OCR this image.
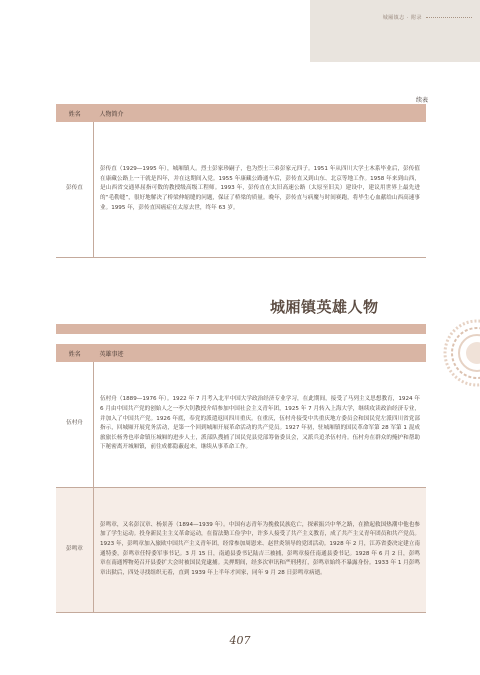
城厢镇志 · 附录
续表
姓名	人物简介
彭传直	彭传直（1929—1995 年），城厢镇人。烈士彭家珍嗣子，也为烈士三弟彭家元四子。1951 年从四川大学土木系毕业后，彭传值在康藏公路上一干就是四年，并在这期间入党。1955 年康藏公路通车后，彭传直又到山东、北京等地工作。1958 年来到山西，是山西省交通界屈指可数的教授级高级工程师。1993 年，彭传直在太旧高速公路（太原至旧关）建设中，建议用世界上最先进的“毛勒缝”，很好地解决了桥梁伸缩缝的问题，保证了桥梁的质量。晚年，彭传直与病魔与时间赛跑，将毕生心血献给山西高速事业。1995 年，彭传直因癌症在太原去世，终年 63 岁。
城厢镇英雄人物
姓名	英雄事迹
伍村舟	伍村舟（1889—1976 年）。1922 年 7 月考入北平中国大学政治经济专业学习，在此期间，接受了马列主义思想教育，1924 年 6 月由中国共产党的创始人之一李大钊教授介绍参加中国社会主义青年团，1925 年 7 月转入上海大学，继续攻读政治经济专业，并加入了中国共产党。1926 年底，奉党的派遣返回四川重庆。在重庆，伍村舟接受中共重庆地方委员会和国民党左派四川省党部指示，回城厢开展党务活动，是第一个回到城厢开展革命活动的共产党员。1927 年初，驻城厢镇的国民革命军第 28 军第 1 混成旅旅长杨秀也率命镇压城厢的进步人士，派部队搜捕了国民党县党部筹备委员会，又派兵追杀伍村舟。伍村舟在群众的掩护和帮助下秘密离开城厢镇，前往成都隐蔽起来，继续从事革命工作。
彭鸣章	彭鸣章，又名彭汉章、杨景善（1894—1939 年）。中国有志青年为挽救民族危亡，探索振兴中华之路，在掀起救国热潮中他也参加了学生运动。投身新民主主义革命运动，在留法勤工俭学中，许多人接受了共产主义教育，成了共产主义青年团员和共产党员。1923 年，彭鸣章加入旅欧中国共产主义青年团，经常参加周恩来、赵世炎领导的党团活动。1928 年 2 月，江苏省委决定建立南通特委，彭鸣章任特委军事书记。3 月 15 日，南通县委书记陆吉三被捕，彭鸣章接任南通县委书记。1928 年 6 月 2 日，彭鸣章在南通博物苑召开县委扩大会时被国民党逮捕。关押期间，经多次审讯和严刑拷打，彭鸣章始终不暴露身份。1933 年 1 月彭鸣章出狱后，四处寻找组织无着，直到 1939 年上半年才回家，同年 9 月 28 日彭鸣章病逝。
407
